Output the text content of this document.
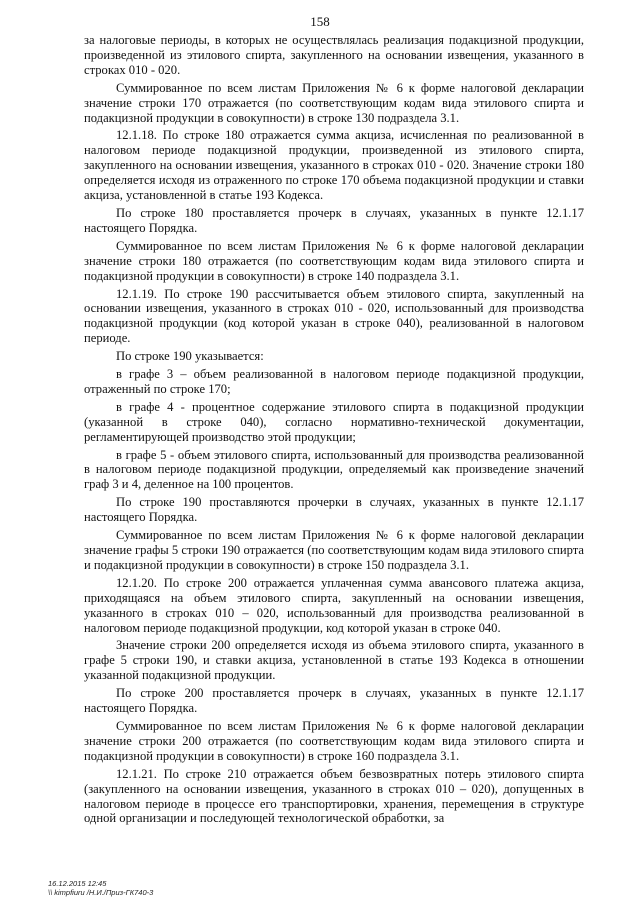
158

за налоговые периоды, в которых не осуществлялась реализация подакцизной продукции, произведенной из этилового спирта, закупленного на основании извещения, указанного в строках 010 - 020.

Суммированное по всем листам Приложения № 6 к форме налоговой декларации значение строки 170 отражается (по соответствующим кодам вида этилового спирта и подакцизной продукции в совокупности) в строке 130 подраздела 3.1.

12.1.18. По строке 180 отражается сумма акциза, исчисленная по реализованной в налоговом периоде подакцизной продукции, произведенной из этилового спирта, закупленного на основании извещения, указанного в строках 010 - 020. Значение строки 180 определяется исходя из отраженного по строке 170 объема подакцизной продукции и ставки акциза, установленной в статье 193 Кодекса.

По строке 180 проставляется прочерк в случаях, указанных в пункте 12.1.17 настоящего Порядка.

Суммированное по всем листам Приложения № 6 к форме налоговой декларации значение строки 180 отражается (по соответствующим кодам вида этилового спирта и подакцизной продукции в совокупности) в строке 140 подраздела 3.1.

12.1.19. По строке 190 рассчитывается объем этилового спирта, закупленный на основании извещения, указанного в строках 010 - 020, использованный для производства подакцизной продукции (код которой указан в строке 040), реализованной в налоговом периоде.

По строке 190 указывается:

в графе 3 – объем реализованной в налоговом периоде подакцизной продукции, отраженный по строке 170;

в графе 4 - процентное содержание этилового спирта в подакцизной продукции (указанной в строке 040), согласно нормативно-технической документации, регламентирующей производство этой продукции;

в графе 5 - объем этилового спирта, использованный для производства реализованной в налоговом периоде подакцизной продукции, определяемый как произведение значений граф 3 и 4, деленное на 100 процентов.

По строке 190 проставляются прочерки в случаях, указанных в пункте 12.1.17 настоящего Порядка.

Суммированное по всем листам Приложения № 6 к форме налоговой декларации значение графы 5 строки 190 отражается (по соответствующим кодам вида этилового спирта и подакцизной продукции в совокупности) в строке 150 подраздела 3.1.

12.1.20. По строке 200 отражается уплаченная сумма авансового платежа акциза, приходящаяся на объем этилового спирта, закупленный на основании извещения, указанного в строках 010 – 020, использованный для производства реализованной в налоговом периоде подакцизной продукции, код которой указан в строке 040.

Значение строки 200 определяется исходя из объема этилового спирта, указанного в графе 5 строки 190, и ставки акциза, установленной в статье 193 Кодекса в отношении указанной подакцизной продукции.

По строке 200 проставляется прочерк в случаях, указанных в пункте 12.1.17 настоящего Порядка.

Суммированное по всем листам Приложения № 6 к форме налоговой декларации значение строки 200 отражается (по соответствующим кодам вида этилового спирта и подакцизной продукции в совокупности) в строке 160 подраздела 3.1.

12.1.21. По строке 210 отражается объем безвозвратных потерь этилового спирта (закупленного на основании извещения, указанного в строках 010 – 020), допущенных в налоговом периоде в процессе его транспортировки, хранения, перемещения в структуре одной организации и последующей технологической обработки, за

16.12.2015 12:45
\\ kimpfiuru /Н.И./Приз-ГК740-3
